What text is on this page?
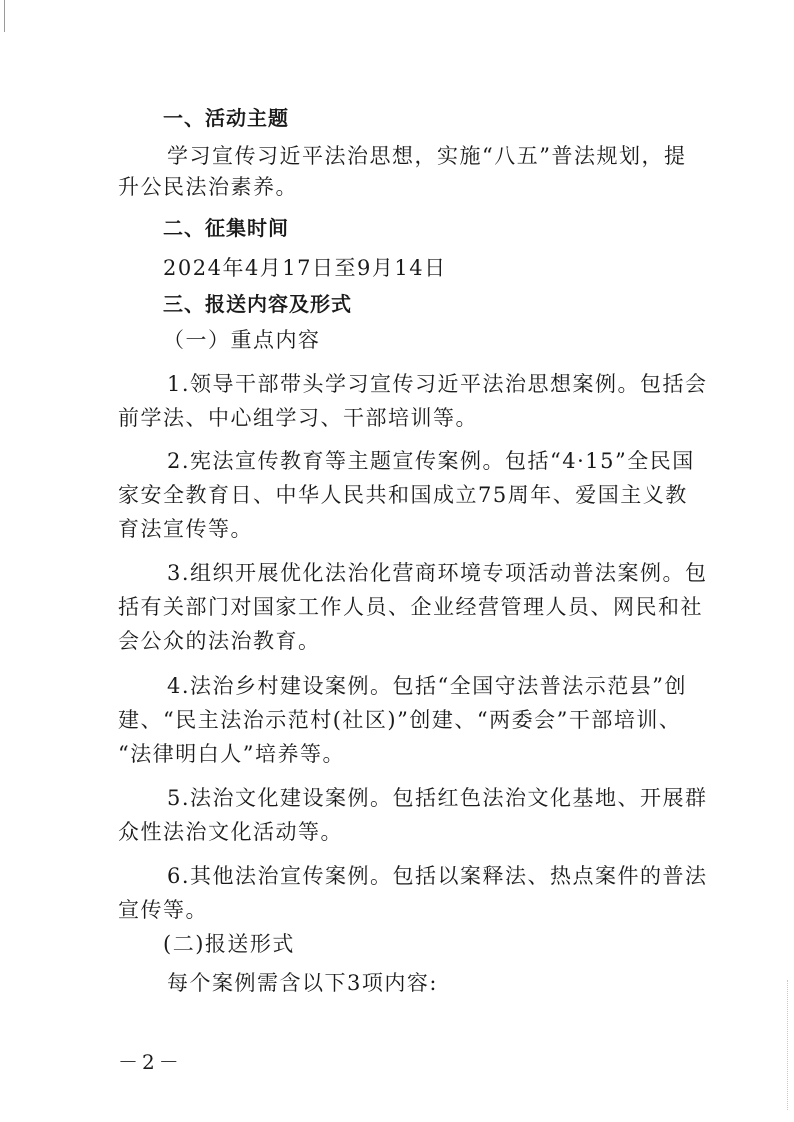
一、活动主题
学习宣传习近平法治思想，实施“八五”普法规划，提
升公民法治素养。
二、征集时间
2024年4月17日至9月14日
三、报送内容及形式
（一）重点内容
1.领导干部带头学习宣传习近平法治思想案例。包括会
前学法、中心组学习、干部培训等。
2.宪法宣传教育等主题宣传案例。包括“4·15”全民国
家安全教育日、中华人民共和国成立75周年、爱国主义教
育法宣传等。
3.组织开展优化法治化营商环境专项活动普法案例。包
括有关部门对国家工作人员、企业经营管理人员、网民和社
会公众的法治教育。
4.法治乡村建设案例。包括“全国守法普法示范县”创
建、“民主法治示范村(社区)”创建、“两委会”干部培训、
“法律明白人”培养等。
5.法治文化建设案例。包括红色法治文化基地、开展群
众性法治文化活动等。
6.其他法治宣传案例。包括以案释法、热点案件的普法
宣传等。
(二)报送形式
每个案例需含以下3项内容:
－2－
